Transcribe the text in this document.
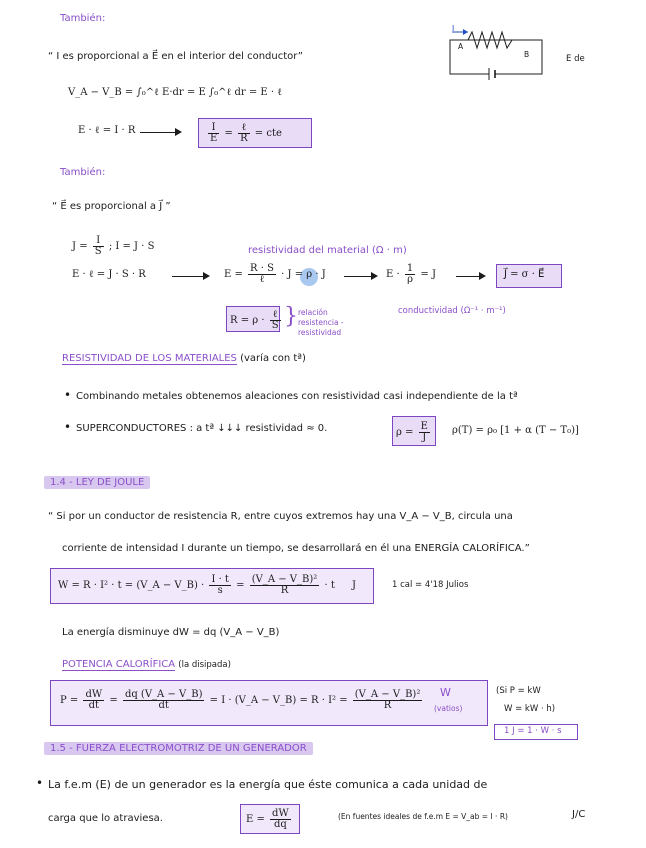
También:
“ I es proporcional a E⃗ en el interior del conductor”
V_A − V_B = ∫₀^ℓ E·dr = E ∫₀^ℓ dr = E · ℓ
E · ℓ = I · R	$\frac{I}{E} = \frac{\text{ℓ}}{R}$ = cte
I
A
B	E de
También:
“ E⃗ es proporcional a J⃗ ”
$J = \frac{I}{S}$ ; I = J · S	resistividad del material (Ω · m)
E · ℓ = J · S · R	$E = \frac{R \cdot S}{\text{ℓ}} \cdot J = \rho \cdot J$	$E \cdot \frac{1}{\rho} = J$	J⃗ = σ · E⃗
conductividad (Ω⁻¹ · m⁻¹)
$R = \rho \cdot \frac{\text{ℓ}}{S}$ } relación
resistencia -
resistividad
RESISTIVIDAD DE LOS MATERIALES (varía con tª)
• Combinando metales obtenemos aleaciones con resistividad casi independiente de la tª
• SUPERCONDUCTORES : a tª ↓↓↓ resistividad ≈ 0.	$\rho = \frac{E}{J} \rho(T) = \rho_0$ [1 + α (T − T₀)]
1.4 - LEY DE JOULE
“ Si por un conductor de resistencia R, entre cuyos extremos hay una V_A − V_B, circula una
corriente de intensidad I durante un tiempo, se desarrollará en él una ENERGÍA CALORÍFICA.”
W = R · I² · t = (V_A − V_B) · $\frac{I \cdot t}{s} = \frac{\text{(V\_A − V\_B)²}}{R} \cdot t$ J	1 cal = 4'18 Julios
La energía disminuye dW = dq (V_A − V_B)
POTENCIA CALORÍFICA (la disipada)
$P = \frac{dW}{dt} = \frac{dq (V\_A - V\_B)}{dt} = I$ · (V_A − V_B) = $R \cdot I^2 = \frac{\text{(V\_A − V\_B)²}}{R}$ W
(vatios)
(Si P = kW
W = kW · h)
1 J = 1 · W · s
1.5 - FUERZA ELECTROMOTRIZ DE UN GENERADOR
• La f.e.m (E) de un generador es la energía que éste comunica a cada unidad de
carga que lo atraviesa.	$E = \frac{dW}{dq}$	(En fuentes ideales de f.e.m E = V_ab = I · R)	J/C
